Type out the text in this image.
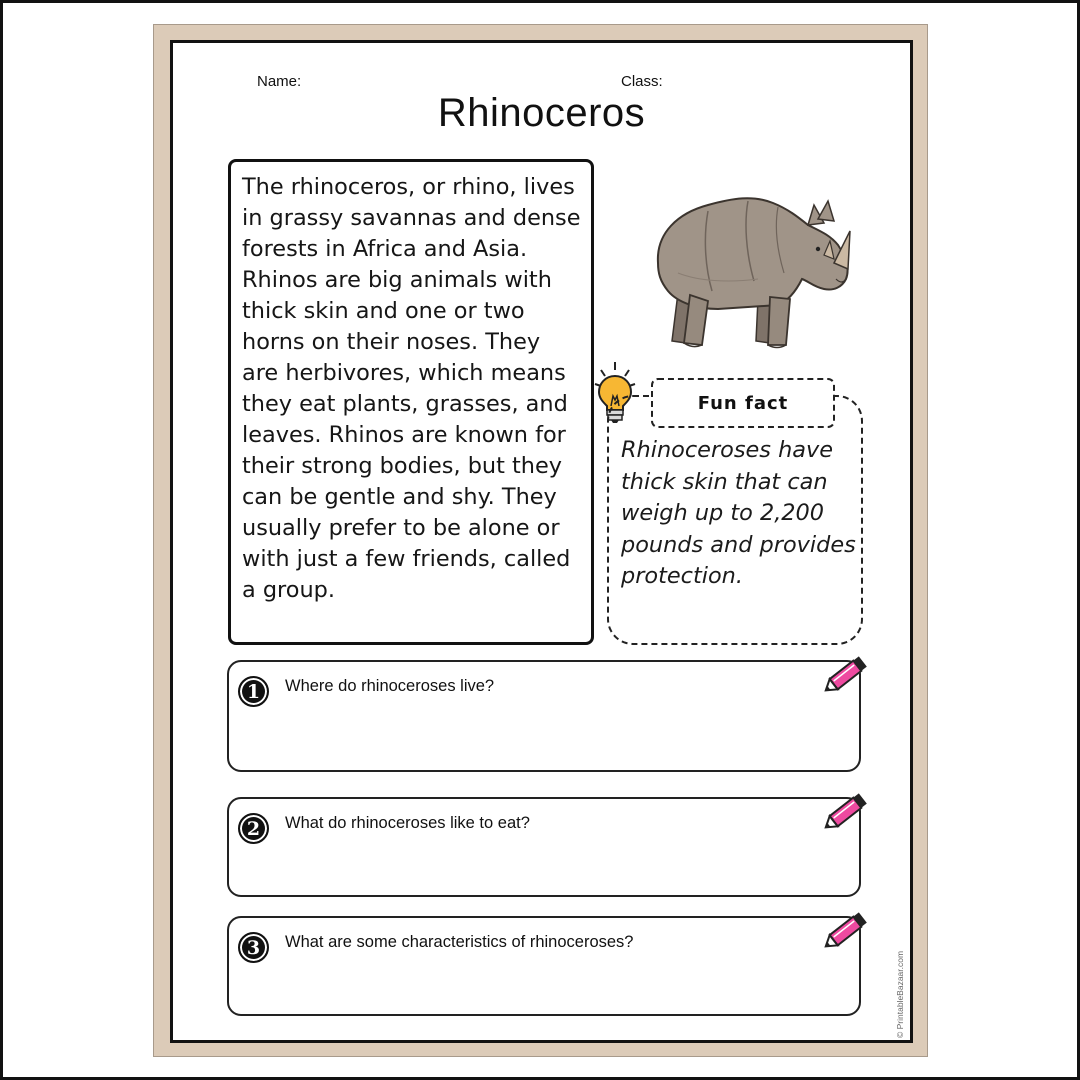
Name:	Class:
Rhinoceros

The rhinoceros, or rhino, lives in grassy savannas and dense forests in Africa and Asia. Rhinos are big animals with thick skin and one or two horns on their noses. They are herbivores, which means they eat plants, grasses, and leaves. Rhinos are known for their strong bodies, but they can be gentle and shy. They usually prefer to be alone or with just a few friends, called a group.

Fun fact

Rhinoceroses have thick skin that can weigh up to 2,200 pounds and provides protection.

1	Where do rhinoceroses live?
2	What do rhinoceroses like to eat?
3	What are some characteristics of rhinoceroses?
© PrintableBazaar.com
